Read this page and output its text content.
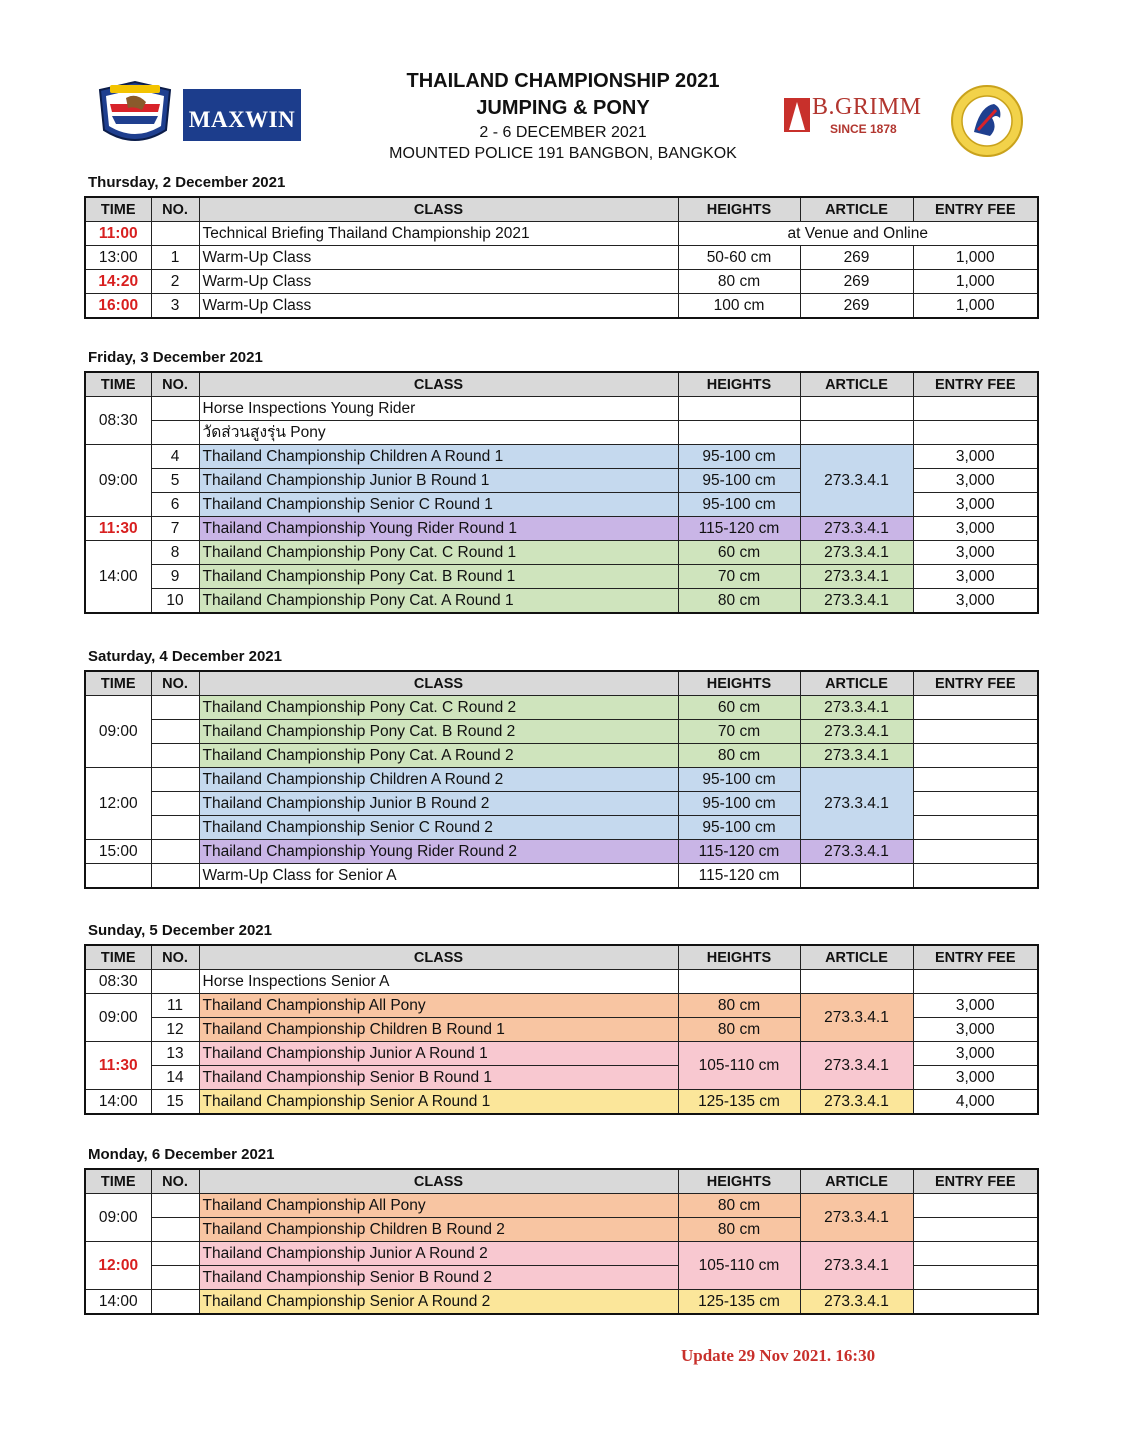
THAILAND CHAMPIONSHIP 2021
JUMPING & PONY
2 - 6 DECEMBER 2021
MOUNTED POLICE 191 BANGBON, BANGKOK
MAXWIN	B.GRIMM
SINCE 1878
Thursday, 2 December 2021
TIME	NO.	CLASS	HEIGHTS	ARTICLE	ENTRY FEE
11:00		Technical Briefing Thailand Championship 2021	at Venue and Online		
13:00	1	Warm-Up Class	50-60 cm	269	1,000
14:20	2	Warm-Up Class	80 cm	269	1,000
16:00	3	Warm-Up Class	100 cm	269	1,000
Friday, 3 December 2021
TIME	NO.	CLASS	HEIGHTS	ARTICLE	ENTRY FEE
08:30		Horse Inspections Young Rider			
		วัดส่วนสูงรุ่น Pony			
09:00	4	Thailand Championship Children A Round 1	95-100 cm	273.3.4.1	3,000
	5	Thailand Championship Junior B Round 1	95-100 cm		3,000
	6	Thailand Championship Senior C Round 1	95-100 cm		3,000
11:30	7	Thailand Championship Young Rider Round 1	115-120 cm	273.3.4.1	3,000
14:00	8	Thailand Championship Pony Cat. C Round 1	60 cm	273.3.4.1	3,000
	9	Thailand Championship Pony Cat. B Round 1	70 cm	273.3.4.1	3,000
	10	Thailand Championship Pony Cat. A Round 1	80 cm	273.3.4.1	3,000
Saturday, 4 December 2021
TIME	NO.	CLASS	HEIGHTS	ARTICLE	ENTRY FEE
09:00		Thailand Championship Pony Cat. C Round 2	60 cm	273.3.4.1	
		Thailand Championship Pony Cat. B Round 2	70 cm	273.3.4.1	
		Thailand Championship Pony Cat. A Round 2	80 cm	273.3.4.1	
12:00		Thailand Championship Children A Round 2	95-100 cm	273.3.4.1	
		Thailand Championship Junior B Round 2	95-100 cm		
		Thailand Championship Senior C Round 2	95-100 cm		
15:00		Thailand Championship Young Rider Round 2	115-120 cm	273.3.4.1	
		Warm-Up Class for Senior A	115-120 cm		
Sunday, 5 December 2021
TIME	NO.	CLASS	HEIGHTS	ARTICLE	ENTRY FEE
08:30		Horse Inspections Senior A			
09:00	11	Thailand Championship All Pony	80 cm	273.3.4.1	3,000
	12	Thailand Championship Children B Round 1	80 cm		3,000
11:30	13	Thailand Championship Junior A Round 1	105-110 cm	273.3.4.1	3,000
	14	Thailand Championship Senior B Round 1			3,000
14:00	15	Thailand Championship Senior A Round 1	125-135 cm	273.3.4.1	4,000
Monday, 6 December 2021
TIME	NO.	CLASS	HEIGHTS	ARTICLE	ENTRY FEE
09:00		Thailand Championship All Pony	80 cm	273.3.4.1	
		Thailand Championship Children B Round 2	80 cm		
12:00		Thailand Championship Junior A Round 2	105-110 cm	273.3.4.1	
		Thailand Championship Senior B Round 2			
14:00		Thailand Championship Senior A Round 2	125-135 cm	273.3.4.1	
Update 29 Nov 2021. 16:30
